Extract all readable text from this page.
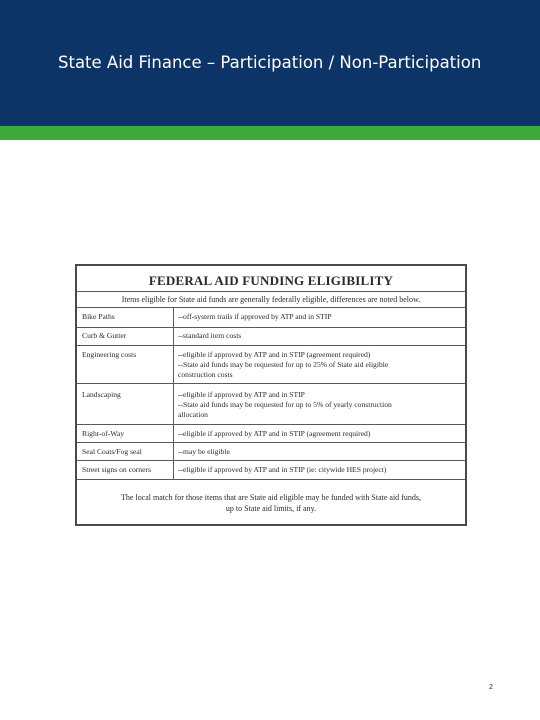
State Aid Finance – Participation / Non-Participation
FEDERAL AID FUNDING ELIGIBILITY
Items eligible for State aid funds are generally federally eligible, differences are noted below.
Bike Paths	--off-system trails if approved by ATP and in STIP
Curb & Gutter	--standard item costs
Engineering costs	--eligible if approved by ATP and in STIP (agreement required)
--State aid funds may be requested for up to 25% of State aid eligible
construction costs
Landscaping	--eligible if approved by ATP and in STIP
--State aid funds may be requested for up to 5% of yearly construction
allocation
Right-of-Way	--eligible if approved by ATP and in STIP (agreement required)
Seal Coats/Fog seal	--may be eligible
Street signs on corners	--eligible if approved by ATP and in STIP (ie: citywide HES project)
The local match for those items that are State aid eligible may be funded with State aid funds,
up to State aid limits, if any.
2
